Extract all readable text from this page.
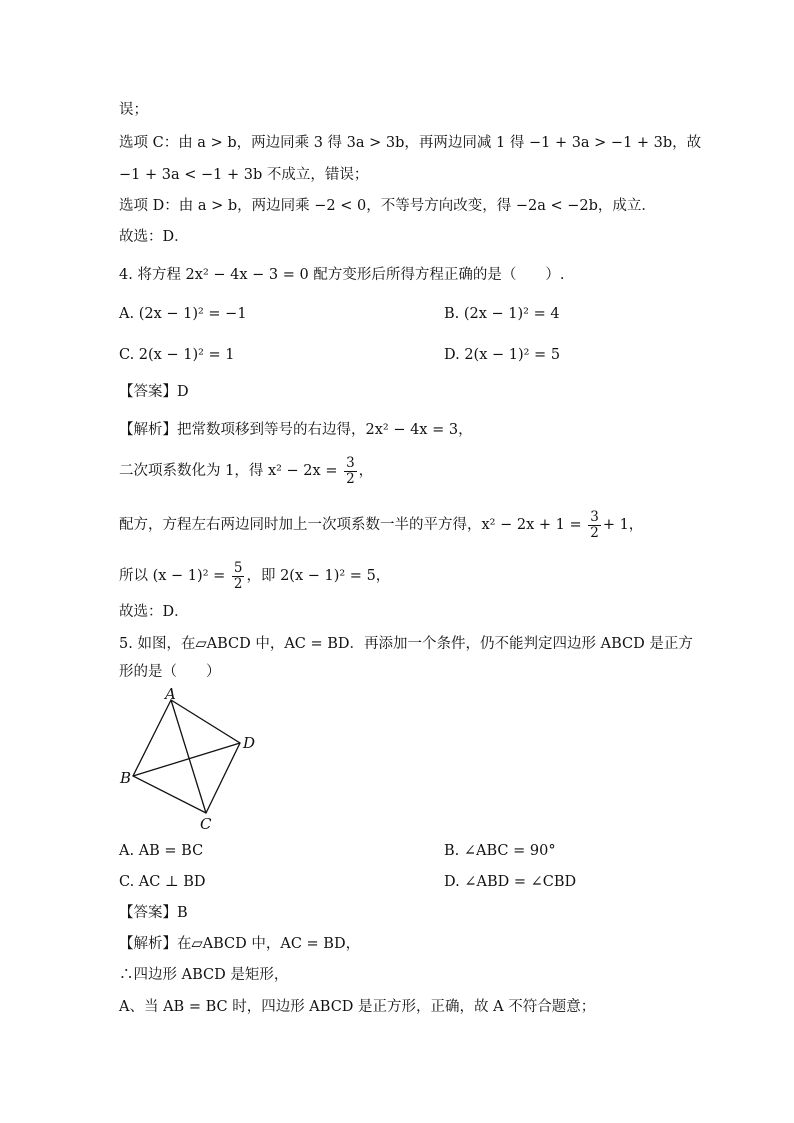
误；
选项 C：由 a > b，两边同乘 3 得 3a > 3b，再两边同减 1 得 −1 + 3a > −1 + 3b，故
−1 + 3a < −1 + 3b 不成立，错误；
选项 D：由 a > b，两边同乘 −2 < 0，不等号方向改变，得 −2a < −2b，成立．
故选：D．
4. 将方程 2x² − 4x − 3 = 0 配方变形后所得方程正确的是（　　）.
A. (2x − 1)² = −1	B. (2x − 1)² = 4
C. 2(x − 1)² = 1	D. 2(x − 1)² = 5
【答案】D
【解析】把常数项移到等号的右边得，2x² − 4x = 3，
二次项系数化为 1，得 $x^2 - 2x = \frac{3}{2}$ ，
配方，方程左右两边同时加上一次项系数一半的平方得，$x^2 - 2x + 1 = \frac{3}{2} + 1$，
所以 $(x - 1)^2 = \frac{5}{2}$ ，即 2(x − 1)² = 5，
故选：D．
5. 如图，在▱ABCD 中，AC = BD．再添加一个条件，仍不能判定四边形 ABCD 是正方
形的是（　　）
A
D
B
C
A. AB = BC	B. ∠ABC = 90°
C. AC ⊥ BD	D. ∠ABD = ∠CBD
【答案】B
【解析】在▱ABCD 中，AC = BD，
∴四边形 ABCD 是矩形，
A、当 AB = BC 时，四边形 ABCD 是正方形，正确，故 A 不符合题意；
